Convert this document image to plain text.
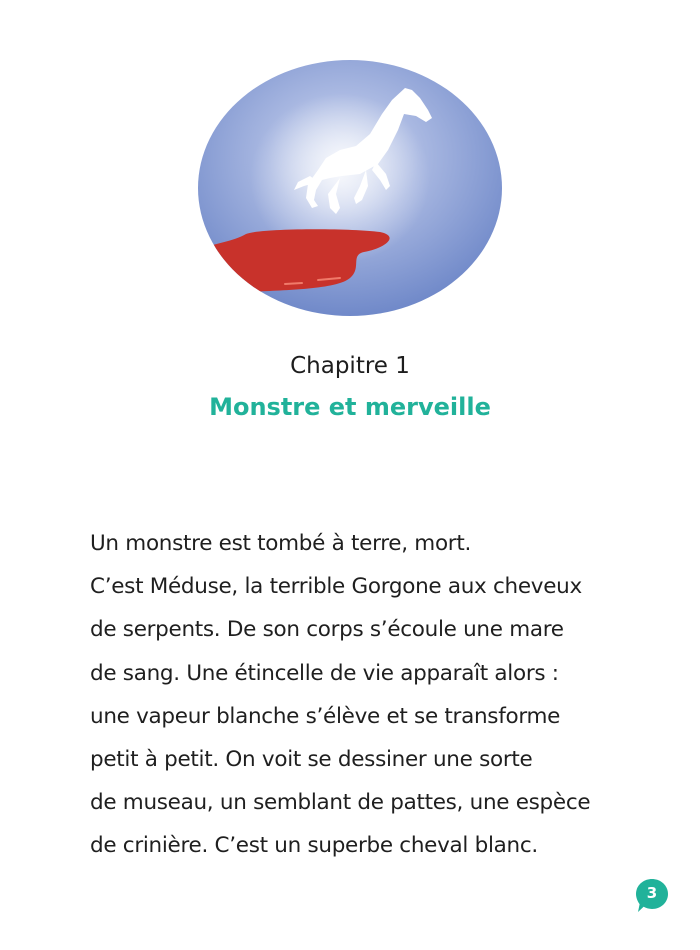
Chapitre 1
Monstre et merveille
Un monstre est tombé à terre, mort.
C’est Méduse, la terrible Gorgone aux cheveux
de serpents. De son corps s’écoule une mare
de sang. Une étincelle de vie apparaît alors :
une vapeur blanche s’élève et se transforme
petit à petit. On voit se dessiner une sorte
de museau, un semblant de pattes, une espèce
de crinière. C’est un superbe cheval blanc.
3
